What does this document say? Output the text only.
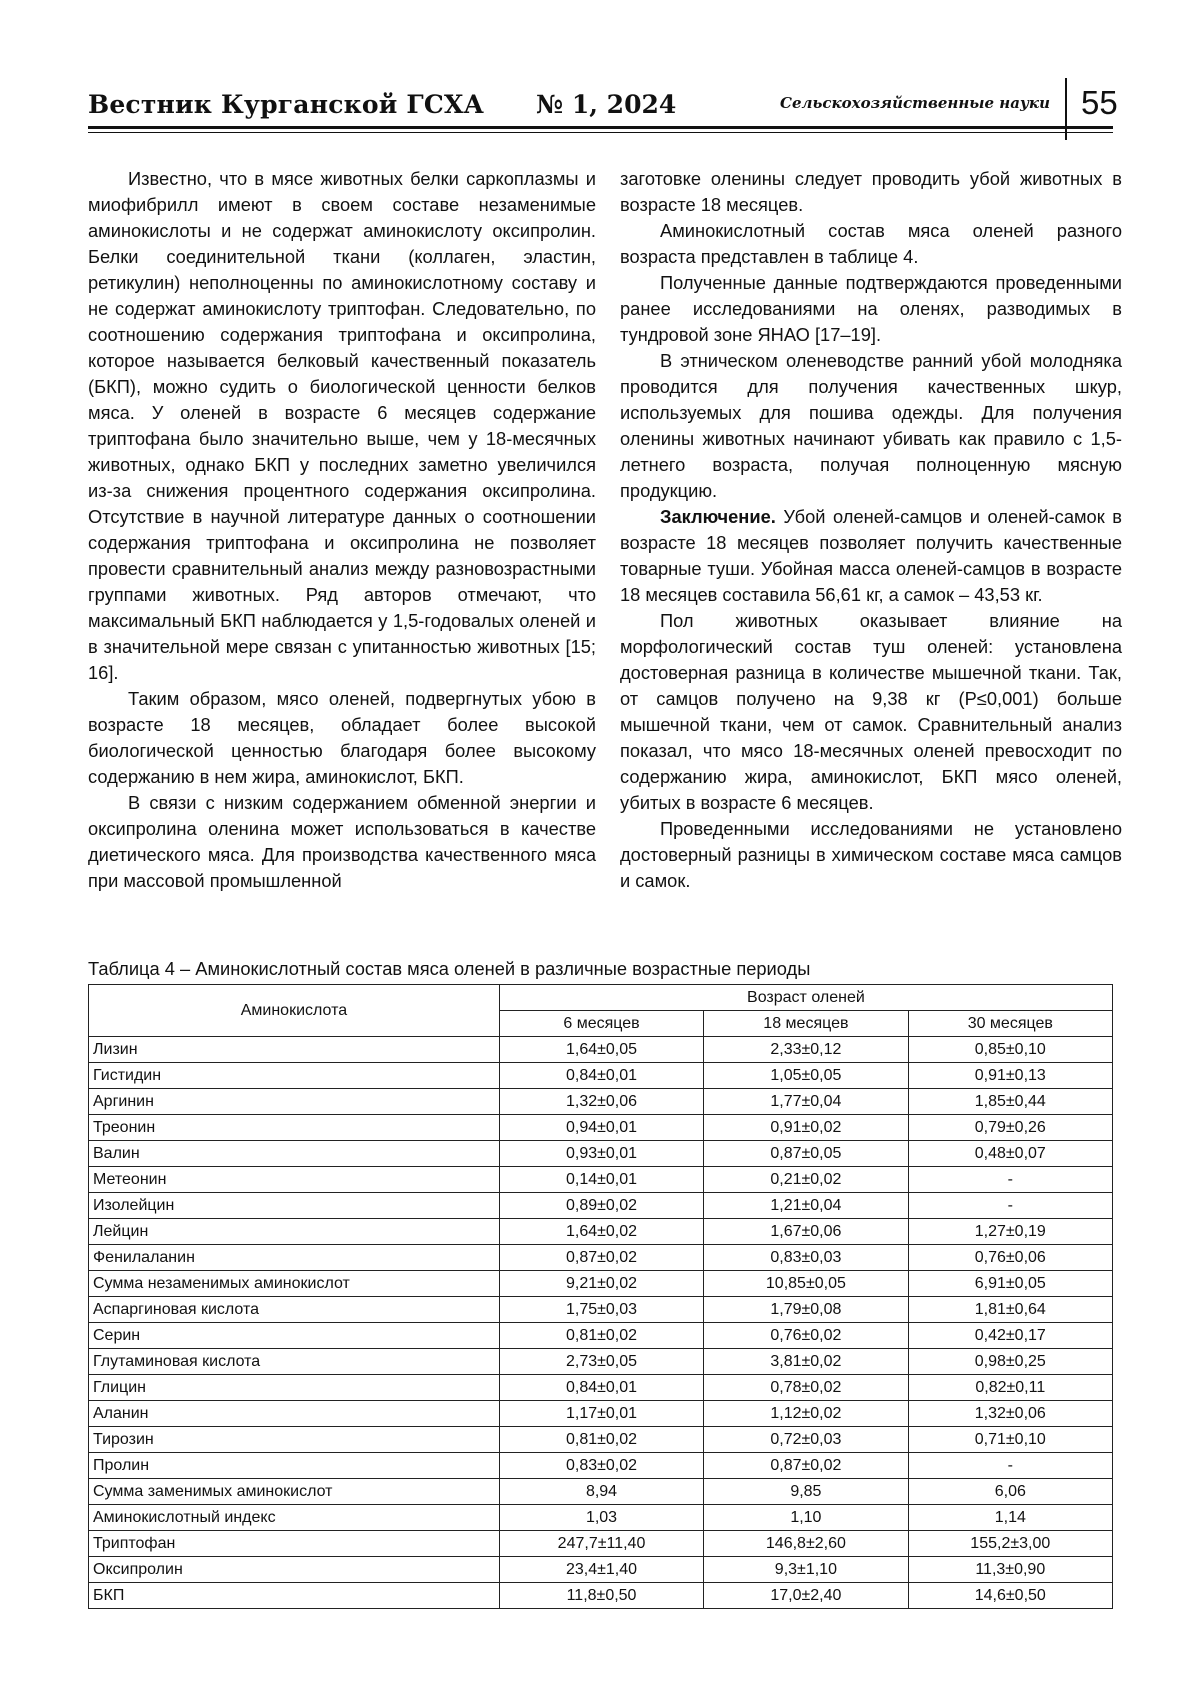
Вестник Курганской ГСХА № 1, 2024	Сельскохозяйственные науки 55

Известно, что в мясе животных белки саркоплазмы и миофибрилл имеют в своем составе незаменимые аминокислоты и не содержат аминокислоту оксипролин. Белки соединительной ткани (коллаген, эластин, ретикулин) неполноценны по аминокислотному составу и не содержат аминокислоту триптофан. Следовательно, по соотношению содержания триптофана и оксипролина, которое называется белковый качественный показатель (БКП), можно судить о биологической ценности белков мяса. У оленей в возрасте 6 месяцев содержание триптофана было значительно выше, чем у 18-месячных животных, однако БКП у последних заметно увеличился из-за снижения процентного содержания оксипролина. Отсутствие в научной литературе данных о соотношении содержания триптофана и оксипролина не позволяет провести сравнительный анализ между разновозрастными группами животных. Ряд авторов отмечают, что максимальный БКП наблюдается у 1,5-годовалых оленей и в значительной мере связан с упитанностью животных [15; 16].

Таким образом, мясо оленей, подвергнутых убою в возрасте 18 месяцев, обладает более высокой биологической ценностью благодаря более высокому содержанию в нем жира, аминокислот, БКП.

В связи с низким содержанием обменной энергии и оксипролина оленина может использоваться в качестве диетического мяса. Для производства качественного мяса при массовой промышленной

заготовке оленины следует проводить убой животных в возрасте 18 месяцев.

Аминокислотный состав мяса оленей разного возраста представлен в таблице 4.

Полученные данные подтверждаются проведенными ранее исследованиями на оленях, разводимых в тундровой зоне ЯНАО [17–19].

В этническом оленеводстве ранний убой молодняка проводится для получения качественных шкур, используемых для пошива одежды. Для получения оленины животных начинают убивать как правило с 1,5-летнего возраста, получая полноценную мясную продукцию.

Заключение. Убой оленей-самцов и оленей-самок в возрасте 18 месяцев позволяет получить качественные товарные туши. Убойная масса оленей-самцов в возрасте 18 месяцев составила 56,61 кг, а самок – 43,53 кг.

Пол животных оказывает влияние на морфологический состав туш оленей: установлена достоверная разница в количестве мышечной ткани. Так, от самцов получено на 9,38 кг (P≤0,001) больше мышечной ткани, чем от самок. Сравнительный анализ показал, что мясо 18-месячных оленей превосходит по содержанию жира, аминокислот, БКП мясо оленей, убитых в возрасте 6 месяцев.

Проведенными исследованиями не установлено достоверный разницы в химическом составе мяса самцов и самок.

Таблица 4 – Аминокислотный состав мяса оленей в различные возрастные периоды
Аминокислота	Возраст оленей		
	6 месяцев	18 месяцев	30 месяцев
Лизин	1,64±0,05	2,33±0,12	0,85±0,10
Гистидин	0,84±0,01	1,05±0,05	0,91±0,13
Аргинин	1,32±0,06	1,77±0,04	1,85±0,44
Треонин	0,94±0,01	0,91±0,02	0,79±0,26
Валин	0,93±0,01	0,87±0,05	0,48±0,07
Метеонин	0,14±0,01	0,21±0,02	-
Изолейцин	0,89±0,02	1,21±0,04	-
Лейцин	1,64±0,02	1,67±0,06	1,27±0,19
Фенилаланин	0,87±0,02	0,83±0,03	0,76±0,06
Сумма незаменимых аминокислот	9,21±0,02	10,85±0,05	6,91±0,05
Аспаргиновая кислота	1,75±0,03	1,79±0,08	1,81±0,64
Серин	0,81±0,02	0,76±0,02	0,42±0,17
Глутаминовая кислота	2,73±0,05	3,81±0,02	0,98±0,25
Глицин	0,84±0,01	0,78±0,02	0,82±0,11
Аланин	1,17±0,01	1,12±0,02	1,32±0,06
Тирозин	0,81±0,02	0,72±0,03	0,71±0,10
Пролин	0,83±0,02	0,87±0,02	-
Сумма заменимых аминокислот	8,94	9,85	6,06
Аминокислотный индекс	1,03	1,10	1,14
Триптофан	247,7±11,40	146,8±2,60	155,2±3,00
Оксипролин	23,4±1,40	9,3±1,10	11,3±0,90
БКП	11,8±0,50	17,0±2,40	14,6±0,50
